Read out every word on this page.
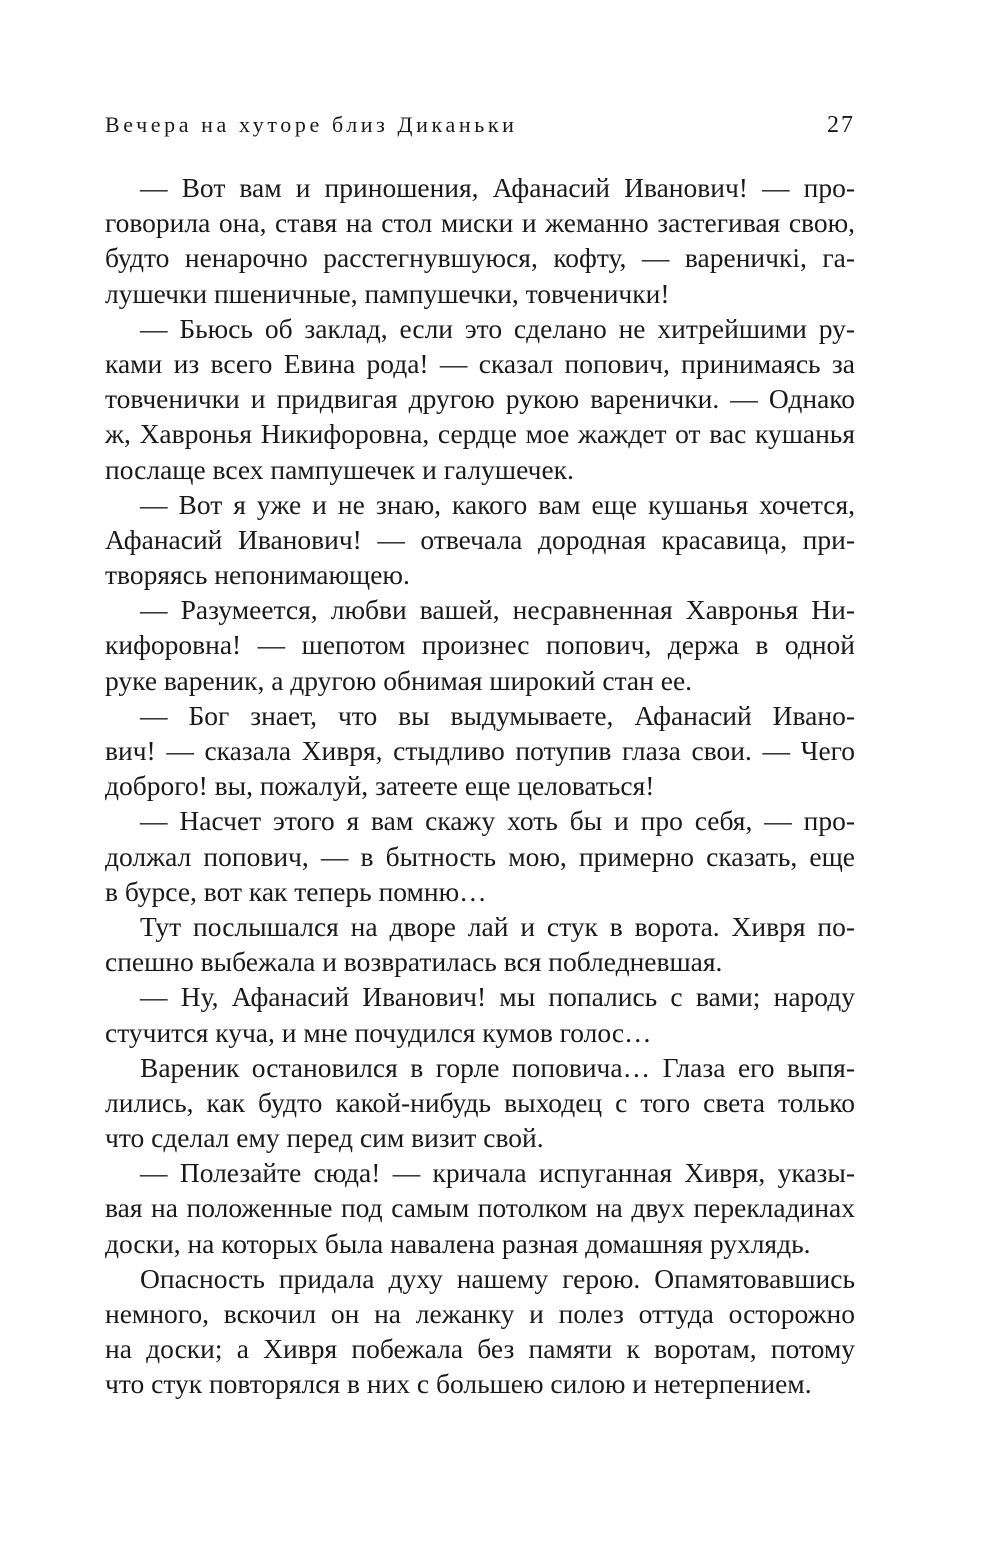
Вечера на хуторе близ Диканьки	27

— Вот вам и приношения, Афанасий Иванович! — про-
говорила она, ставя на стол миски и жеманно застегивая свою,
будто ненарочно расстегнувшуюся, кофту, — вареничкі, га-
лушечки пшеничные, пампушечки, товченички!

— Бьюсь об заклад, если это сделано не хитрейшими ру-
ками из всего Евина рода! — сказал попович, принимаясь за
товченички и придвигая другою рукою варенички. — Однако
ж, Хавронья Никифоровна, сердце мое жаждет от вас кушанья
послаще всех пампушечек и галушечек.

— Вот я уже и не знаю, какого вам еще кушанья хочется,
Афанасий Иванович! — отвечала дородная красавица, при-
творяясь непонимающею.

— Разумеется, любви вашей, несравненная Хавронья Ни-
кифоровна! — шепотом произнес попович, держа в одной
руке вареник, а другою обнимая широкий стан ее.

— Бог знает, что вы выдумываете, Афанасий Ивано-
вич! — сказала Хивря, стыдливо потупив глаза свои. — Чего
доброго! вы, пожалуй, затеете еще целоваться!

— Насчет этого я вам скажу хоть бы и про себя, — про-
должал попович, — в бытность мою, примерно сказать, еще
в бурсе, вот как теперь помню…

Тут послышался на дворе лай и стук в ворота. Хивря по-
спешно выбежала и возвратилась вся побледневшая.

— Ну, Афанасий Иванович! мы попались с вами; народу
стучится куча, и мне почудился кумов голос…

Вареник остановился в горле поповича… Глаза его выпя-
лились, как будто какой-нибудь выходец с того света только
что сделал ему перед сим визит свой.

— Полезайте сюда! — кричала испуганная Хивря, указы-
вая на положенные под самым потолком на двух перекладинах
доски, на которых была навалена разная домашняя рухлядь.

Опасность придала духу нашему герою. Опамятовавшись
немного, вскочил он на лежанку и полез оттуда осторожно
на доски; а Хивря побежала без памяти к воротам, потому
что стук повторялся в них с большею силою и нетерпением.
